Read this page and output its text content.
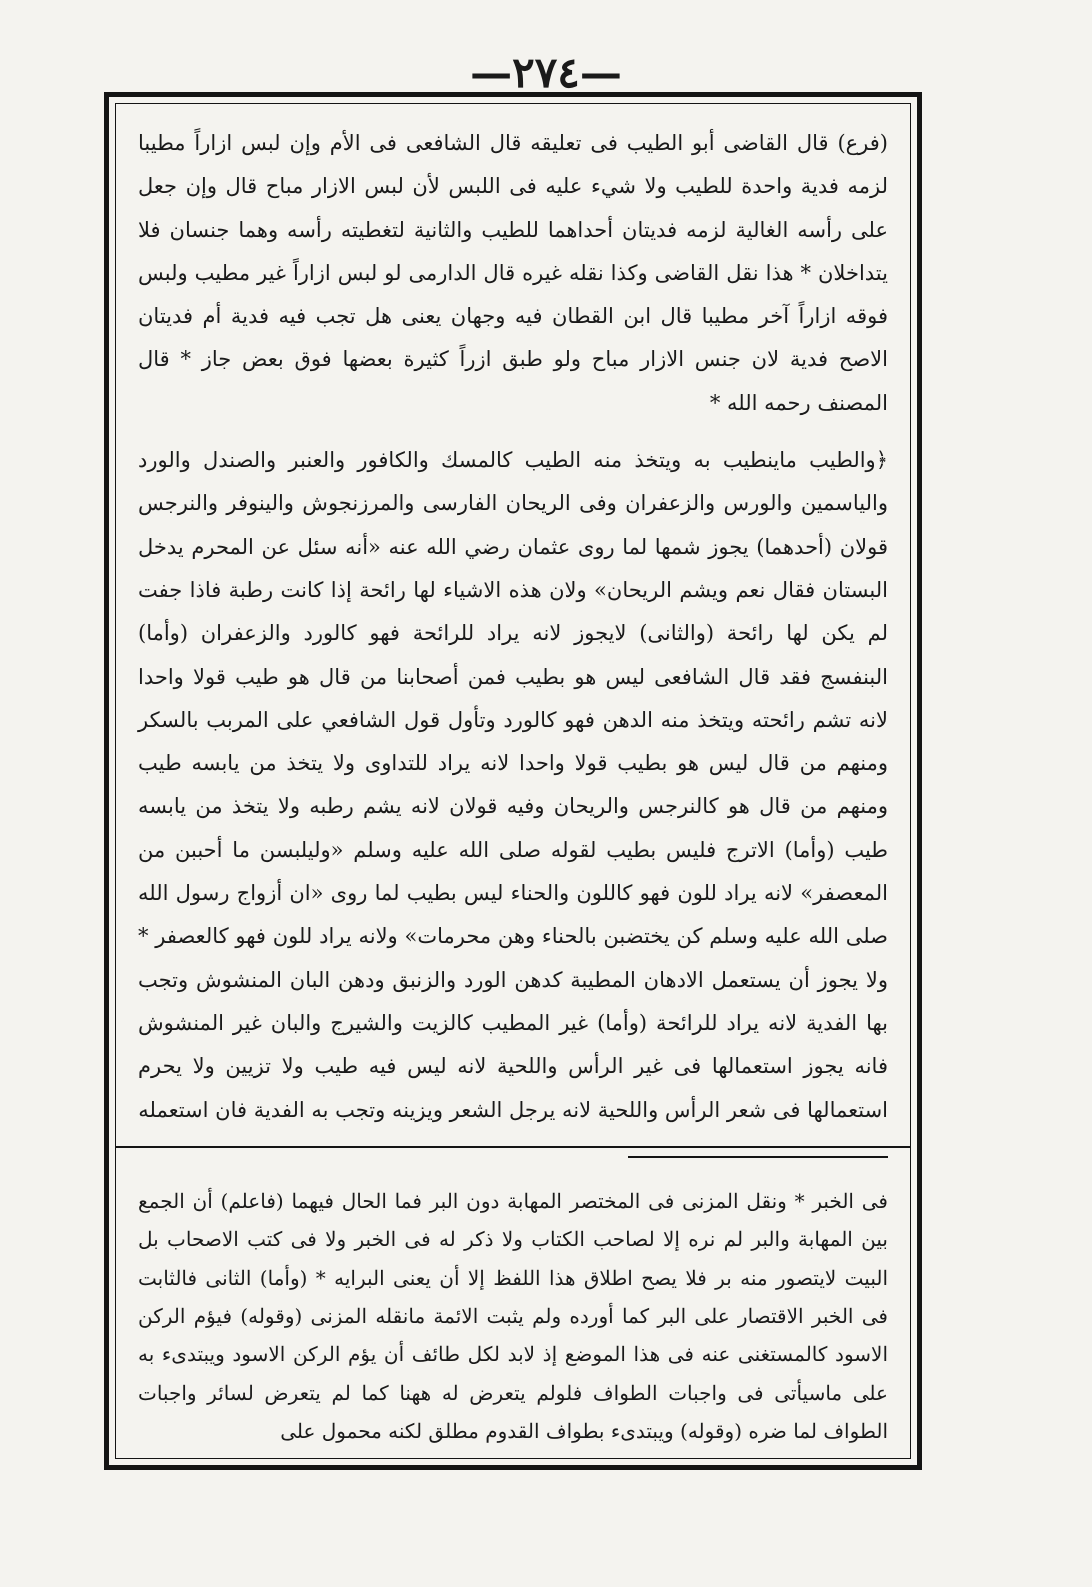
—٢٧٤—

(فرع) قال القاضى أبو الطيب فى تعليقه قال الشافعى فى الأم وإن لبس ازاراً مطيبا لزمه فدية واحدة للطيب ولا شيء عليه فى اللبس لأن لبس الازار مباح قال وإن جعل على رأسه الغالية لزمه فديتان أحداهما للطيب والثانية لتغطيته رأسه وهما جنسان فلا يتداخلان * هذا نقل القاضى وكذا نقله غيره قال الدارمى لو لبس ازاراً غير مطيب ولبس فوقه ازاراً آخر مطيبا قال ابن القطان فيه وجهان يعنى هل تجب فيه فدية أم فديتان الاصح فدية لان جنس الازار مباح ولو طبق ازراً كثيرة بعضها فوق بعض جاز * قال المصنف رحمه الله *

﴿والطيب ماينطيب به ويتخذ منه الطيب كالمسك والكافور والعنبر والصندل والورد والياسمين والورس والزعفران وفى الريحان الفارسى والمرزنجوش والينوفر والنرجس قولان (أحدهما) يجوز شمها لما روى عثمان رضي الله عنه «أنه سئل عن المحرم يدخل البستان فقال نعم ويشم الريحان» ولان هذه الاشياء لها رائحة إذا كانت رطبة فاذا جفت لم يكن لها رائحة (والثانى) لايجوز لانه يراد للرائحة فهو كالورد والزعفران (وأما) البنفسج فقد قال الشافعى ليس هو بطيب فمن أصحابنا من قال هو طيب قولا واحدا لانه تشم رائحته ويتخذ منه الدهن فهو كالورد وتأول قول الشافعي على المربب بالسكر ومنهم من قال ليس هو بطيب قولا واحدا لانه يراد للتداوى ولا يتخذ من يابسه طيب ومنهم من قال هو كالنرجس والريحان وفيه قولان لانه يشم رطبه ولا يتخذ من يابسه طيب (وأما) الاترج فليس بطيب لقوله صلى الله عليه وسلم «وليلبسن ما أحببن من المعصفر» لانه يراد للون فهو كاللون والحناء ليس بطيب لما روى «ان أزواج رسول الله صلى الله عليه وسلم كن يختضبن بالحناء وهن محرمات» ولانه يراد للون فهو كالعصفر * ولا يجوز أن يستعمل الادهان المطيبة كدهن الورد والزنبق ودهن البان المنشوش وتجب بها الفدية لانه يراد للرائحة (وأما) غير المطيب كالزيت والشيرج والبان غير المنشوش فانه يجوز استعمالها فى غير الرأس واللحية لانه ليس فيه طيب ولا تزيين ولا يحرم استعمالها فى شعر الرأس واللحية لانه يرجل الشعر ويزينه وتجب به الفدية فان استعمله

فى الخبر * ونقل المزنى فى المختصر المهابة دون البر فما الحال فيهما (فاعلم) أن الجمع بين المهابة والبر لم نره إلا لصاحب الكتاب ولا ذكر له فى الخبر ولا فى كتب الاصحاب بل البيت لايتصور منه بر فلا يصح اطلاق هذا اللفظ إلا أن يعنى البرايه * (وأما) الثانى فالثابت فى الخبر الاقتصار على البر كما أورده ولم يثبت الائمة مانقله المزنى (وقوله) فيؤم الركن الاسود كالمستغنى عنه فى هذا الموضع إذ لابد لكل طائف أن يؤم الركن الاسود ويبتدىء به على ماسيأتى فى واجبات الطواف فلولم يتعرض له ههنا كما لم يتعرض لسائر واجبات الطواف لما ضره (وقوله) ويبتدىء بطواف القدوم مطلق لكنه محمول على
